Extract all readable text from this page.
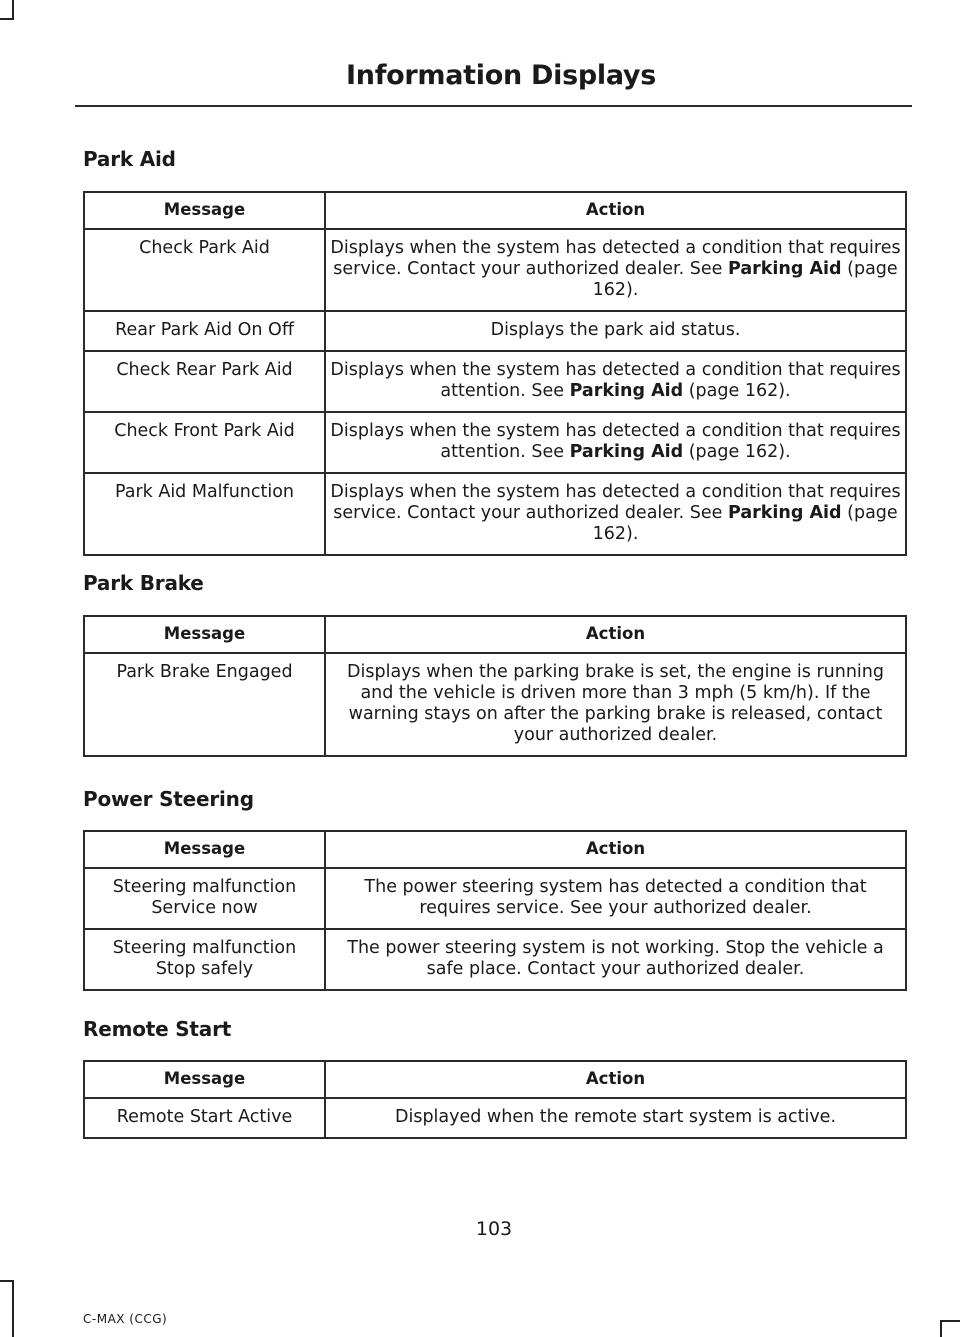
Information Displays
Park Aid
Message	Action
Check Park Aid	Displays when the system has detected a condition that requires service. Contact your authorized dealer. See Parking Aid (page 162).
Rear Park Aid On Off	Displays the park aid status.
Check Rear Park Aid	Displays when the system has detected a condition that requires attention. See Parking Aid (page 162).
Check Front Park Aid	Displays when the system has detected a condition that requires attention. See Parking Aid (page 162).
Park Aid Malfunction	Displays when the system has detected a condition that requires service. Contact your authorized dealer. See Parking Aid (page 162).
Park Brake
Message	Action
Park Brake Engaged	Displays when the parking brake is set, the engine is running and the vehicle is driven more than 3 mph (5 km/h). If the warning stays on after the parking brake is released, contact your authorized dealer.
Power Steering
Message	Action
Steering malfunction Service now	The power steering system has detected a condition that requires service. See your authorized dealer.
Steering malfunction Stop safely	The power steering system is not working. Stop the vehicle a safe place. Contact your authorized dealer.
Remote Start
Message	Action
Remote Start Active	Displayed when the remote start system is active.
103
C-MAX (CCG)
